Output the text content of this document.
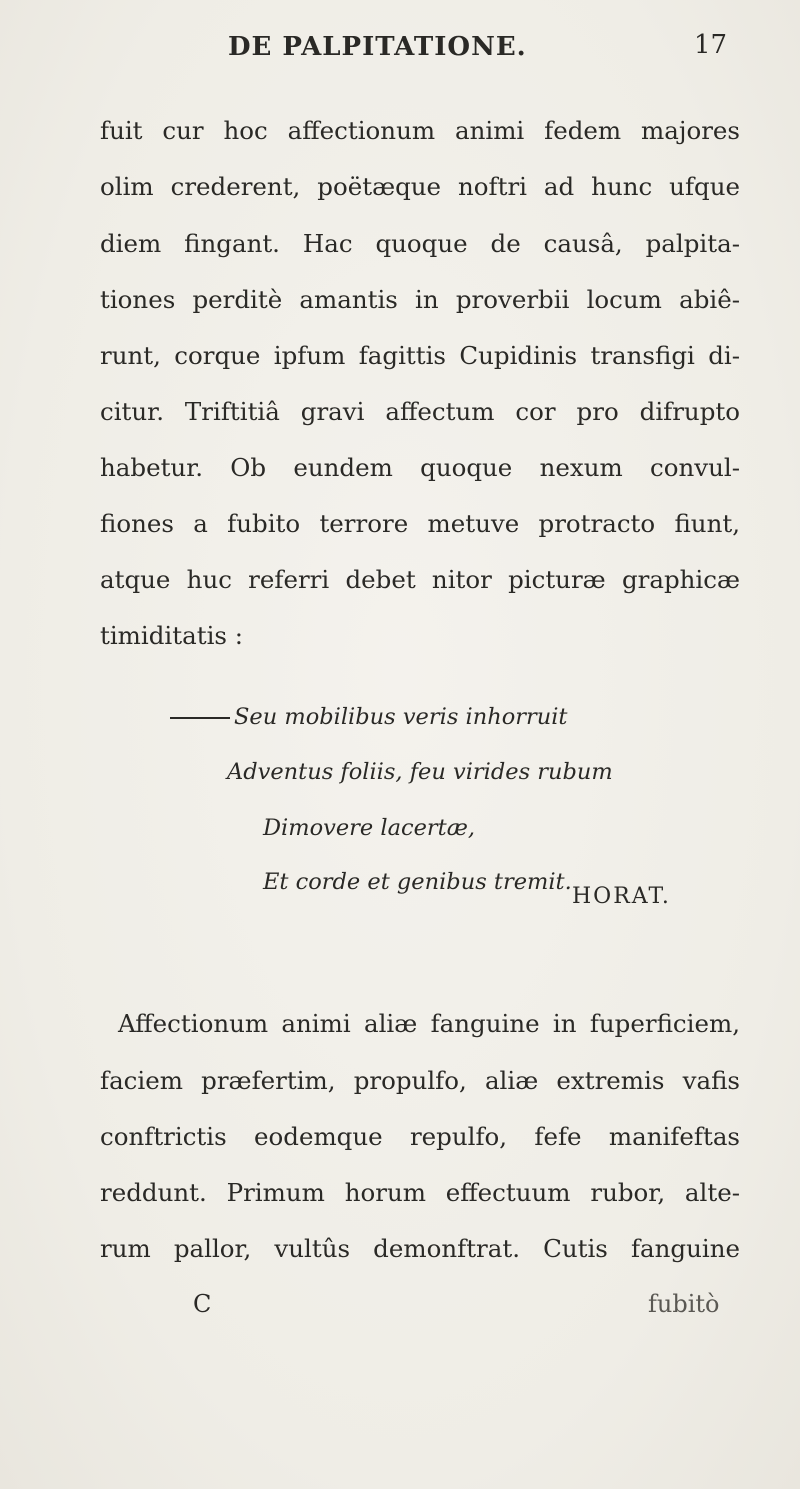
DE PALPITATIONE.	17
fuit cur hoc affectionum animi fedem majores
olim crederent, poëtæque noftri ad hunc ufque
diem fingant. Hac quoque de causâ, palpita-
tiones perditè amantis in proverbii locum abiê-
runt, corque ipfum fagittis Cupidinis transfigi di-
citur. Triftitiâ gravi affectum cor pro difrupto
habetur. Ob eundem quoque nexum convul-
fiones a fubito terrore metuve protracto fiunt,
atque huc referri debet nitor picturæ graphicæ
timiditatis :
Seu mobilibus veris inhorruit
Adventus foliis, feu virides rubum
Dimovere lacertæ,
Et corde et genibus tremit.
HORAT.
Affectionum animi aliæ fanguine in fuperficiem,
faciem præfertim, propulfo, aliæ extremis vafis
conftrictis eodemque repulfo, fefe manifeftas
reddunt. Primum horum effectuum rubor, alte-
rum pallor, vultûs demonftrat. Cutis fanguine
C	fubitò
